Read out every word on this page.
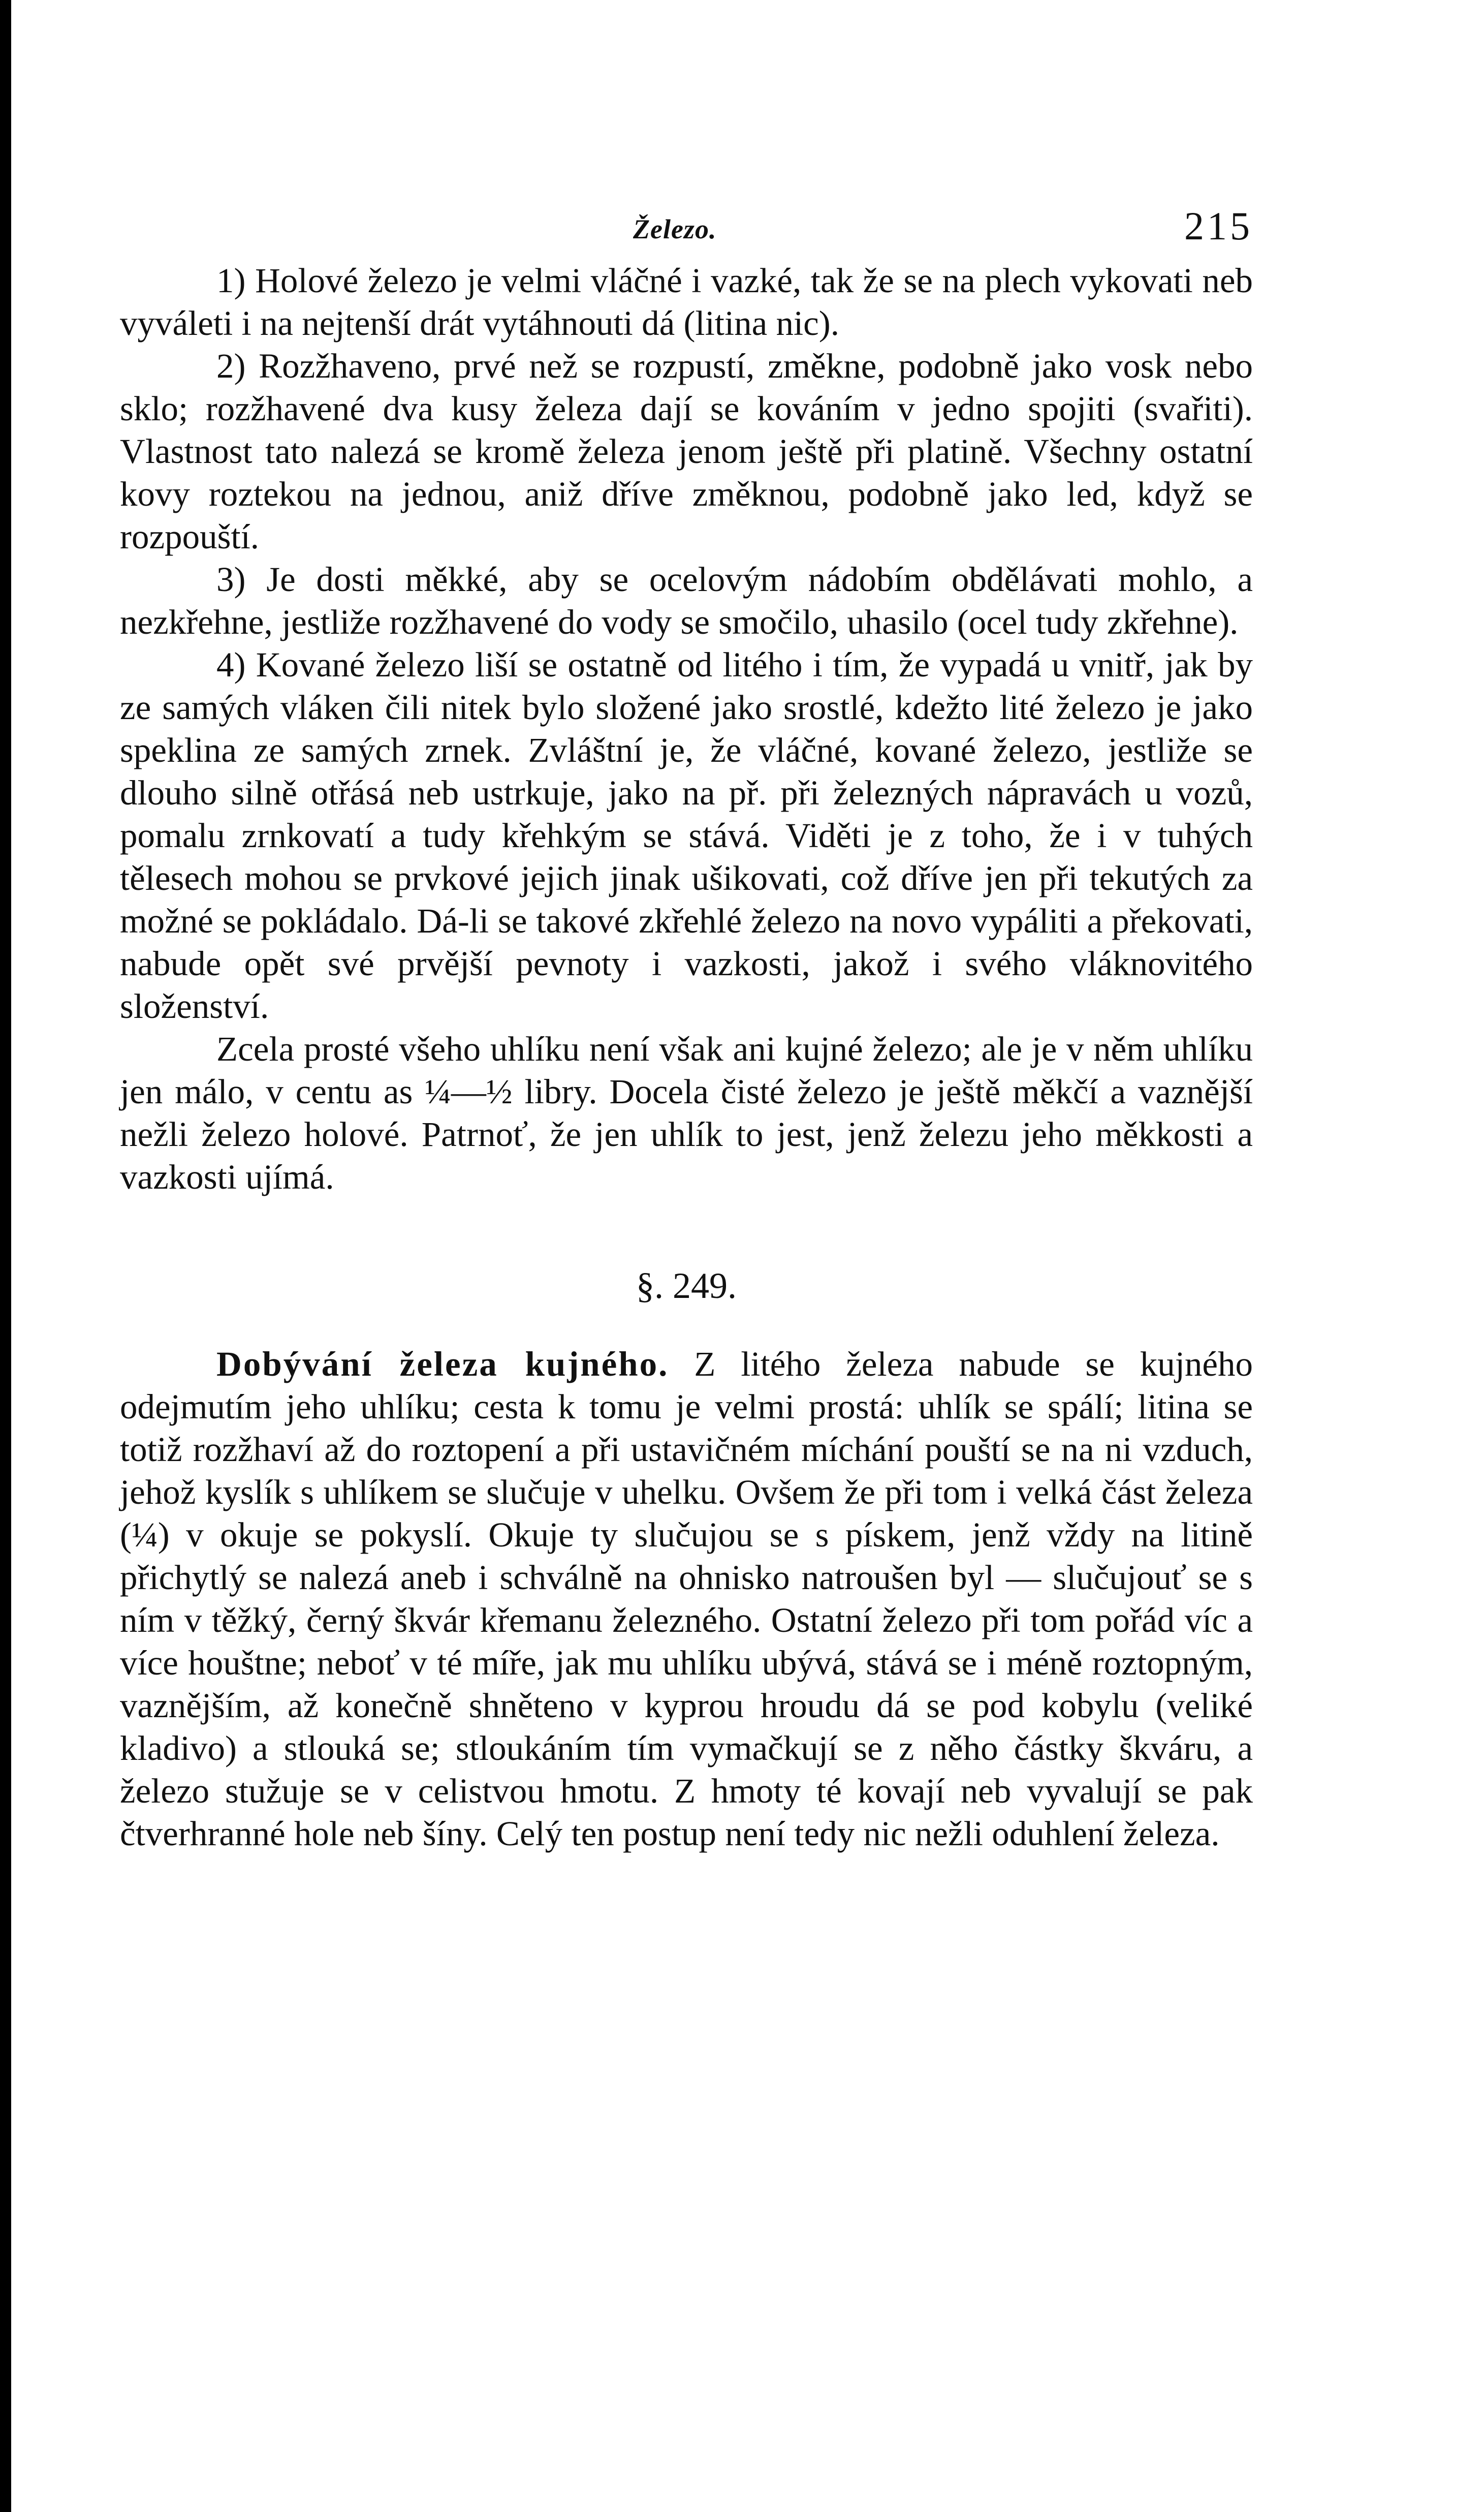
Železo.	215

1) Holové železo je velmi vláčné i vazké, tak že se na plech vykovati neb vyváleti i na nejtenší drát vytáhnouti dá (litina nic).

2) Rozžhaveno, prvé než se rozpustí, změkne, podobně jako vosk nebo sklo; rozžhavené dva kusy železa dají se kováním v jedno spojiti (svařiti). Vlastnost tato nalezá se kromě železa jenom ještě při platině. Všechny ostatní kovy roztekou na jednou, aniž dříve změknou, podobně jako led, když se rozpouští.

3) Je dosti měkké, aby se ocelovým nádobím obdělávati mohlo, a nezkřehne, jestliže rozžhavené do vody se smočilo, uhasilo (ocel tudy zkřehne).

4) Kované železo liší se ostatně od litého i tím, že vypadá u vnitř, jak by ze samých vláken čili nitek bylo složené jako srostlé, kdežto lité železo je jako speklina ze samých zrnek. Zvláštní je, že vláčné, kované železo, jestliže se dlouho silně otřásá neb ustrkuje, jako na př. při železných nápravách u vozů, pomalu zrnkovatí a tudy křehkým se stává. Viděti je z toho, že i v tuhých tělesech mohou se prvkové jejich jinak ušikovati, což dříve jen při tekutých za možné se pokládalo. Dá-li se takové zkřehlé železo na novo vypáliti a překovati, nabude opět své prvější pevnoty i vazkosti, jakož i svého vláknovitého složenství.

Zcela prosté všeho uhlíku není však ani kujné železo; ale je v něm uhlíku jen málo, v centu as ¼—½ libry. Docela čisté železo je ještě měkčí a vaznější nežli železo holové. Patrnoť, že jen uhlík to jest, jenž železu jeho měkkosti a vazkosti ujímá.

§. 249.

Dobývání železa kujného. Z litého železa nabude se kujného odejmutím jeho uhlíku; cesta k tomu je velmi prostá: uhlík se spálí; litina se totiž rozžhaví až do roztopení a při ustavičném míchání pouští se na ni vzduch, jehož kyslík s uhlíkem se slučuje v uhelku. Ovšem že při tom i velká část železa (¼) v okuje se pokyslí. Okuje ty slučujou se s pískem, jenž vždy na litině přichytlý se nalezá aneb i schválně na ohnisko natroušen byl — slučujouť se s ním v těžký, černý škvár křemanu železného. Ostatní železo při tom pořád víc a více houštne; neboť v té míře, jak mu uhlíku ubývá, stává se i méně roztopným, vaznějším, až konečně shněteno v kyprou hroudu dá se pod kobylu (veliké kladivo) a stlouká se; stloukáním tím vymačkují se z něho částky škváru, a železo stužuje se v celistvou hmotu. Z hmoty té kovají neb vyvalují se pak čtverhranné hole neb šíny. Celý ten postup není tedy nic nežli oduhlení železa.
